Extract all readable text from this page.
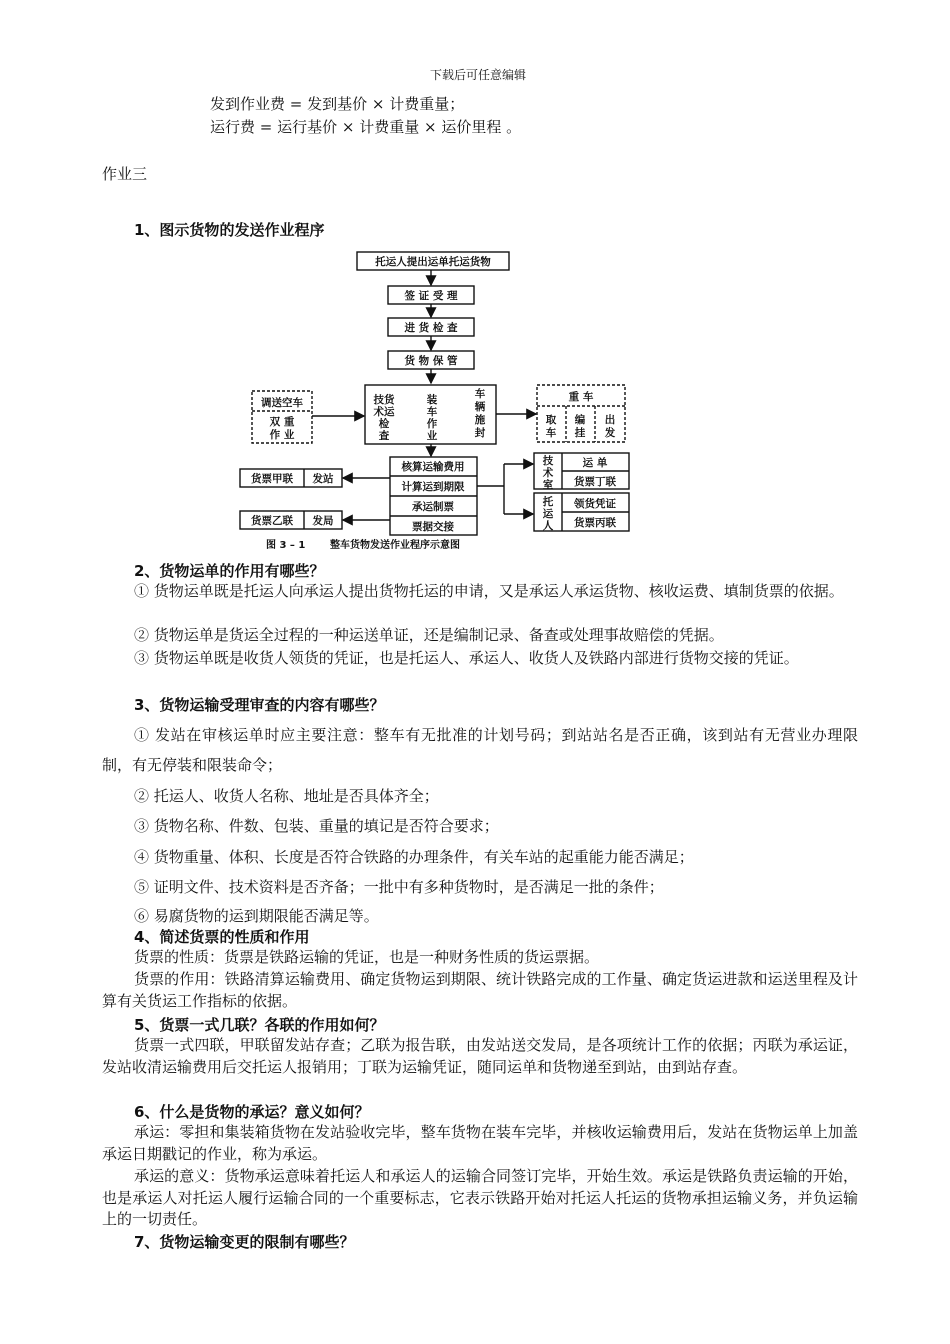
下载后可任意编辑
发到作业费 = 发到基价 × 计费重量；
运行费 = 运行基价 × 计费重量 × 运价里程 。
作业三
1、图示货物的发送作业程序
托运人提出运单托运货物
签 证 受 理
进 货 检 查
货 物 保 管
调送空车
双 重
作 业
技货
术运
检
查
装
车
作
业
车
辆
施
封
重 车
取
车
编
挂
出
发
核算运输费用
计算运到期限
承运制票
票据交接
货票甲联 发站
货票乙联 发局
技
术
室
运 单
货票丁联
托
运
人
领货凭证
货票丙联
图 3 – 1 整车货物发送作业程序示意图
2、货物运单的作用有哪些？
① 货物运单既是托运人向承运人提出货物托运的申请，又是承运人承运货物、核收运费、填制货票的依据。
② 货物运单是货运全过程的一种运送单证，还是编制记录、备查或处理事故赔偿的凭据。
③ 货物运单既是收货人领货的凭证，也是托运人、承运人、收货人及铁路内部进行货物交接的凭证。
3、货物运输受理审查的内容有哪些？
① 发站在审核运单时应主要注意：整车有无批准的计划号码；到站站名是否正确，该到站有无营业办理限制，有无停装和限装命令；
② 托运人、收货人名称、地址是否具体齐全；
③ 货物名称、件数、包装、重量的填记是否符合要求；
④ 货物重量、体积、长度是否符合铁路的办理条件，有关车站的起重能力能否满足；
⑤ 证明文件、技术资料是否齐备；一批中有多种货物时，是否满足一批的条件；
⑥ 易腐货物的运到期限能否满足等。
4、简述货票的性质和作用
货票的性质：货票是铁路运输的凭证，也是一种财务性质的货运票据。
货票的作用：铁路清算运输费用、确定货物运到期限、统计铁路完成的工作量、确定货运进款和运送里程及计算有关货运工作指标的依据。
5、货票一式几联？各联的作用如何？
货票一式四联，甲联留发站存查；乙联为报告联，由发站送交发局，是各项统计工作的依据；丙联为承运证，发站收清运输费用后交托运人报销用；丁联为运输凭证，随同运单和货物递至到站，由到站存查。
6、什么是货物的承运？意义如何？
承运：零担和集装箱货物在发站验收完毕，整车货物在装车完毕，并核收运输费用后，发站在货物运单上加盖承运日期戳记的作业，称为承运。
承运的意义：货物承运意味着托运人和承运人的运输合同签订完毕，开始生效。承运是铁路负责运输的开始，也是承运人对托运人履行运输合同的一个重要标志，它表示铁路开始对托运人托运的货物承担运输义务，并负运输上的一切责任。
7、货物运输变更的限制有哪些？
